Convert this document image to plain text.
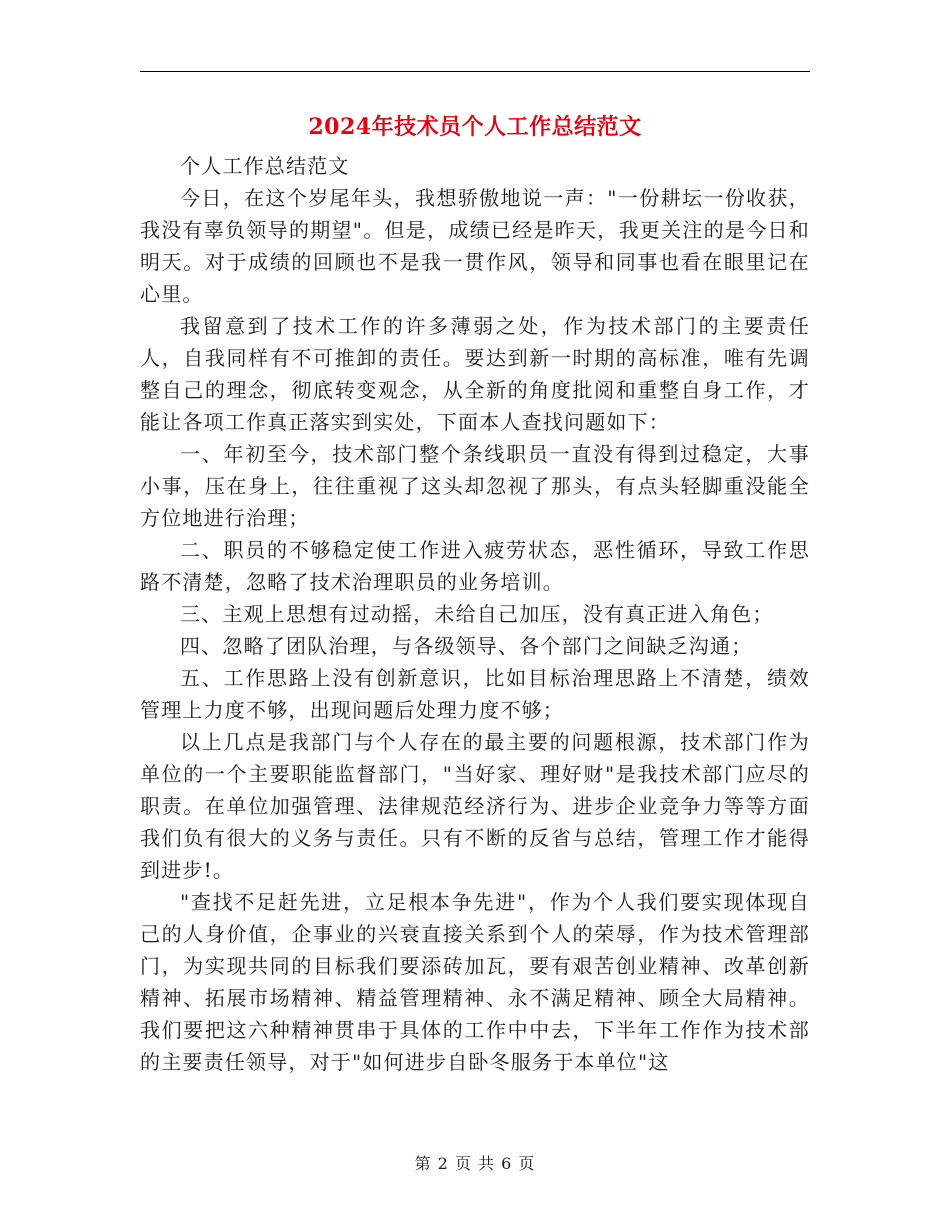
2024年技术员个人工作总结范文

个人工作总结范文

今日，在这个岁尾年头，我想骄傲地说一声："一份耕坛一份收获，我没有辜负领导的期望"。但是，成绩已经是昨天，我更关注的是今日和明天。对于成绩的回顾也不是我一贯作风，领导和同事也看在眼里记在心里。

我留意到了技术工作的许多薄弱之处，作为技术部门的主要责任人，自我同样有不可推卸的责任。要达到新一时期的高标准，唯有先调整自己的理念，彻底转变观念，从全新的角度批阅和重整自身工作，才能让各项工作真正落实到实处，下面本人查找问题如下：

一、年初至今，技术部门整个条线职员一直没有得到过稳定，大事小事，压在身上，往往重视了这头却忽视了那头，有点头轻脚重没能全方位地进行治理；

二、职员的不够稳定使工作进入疲劳状态，恶性循环，导致工作思路不清楚，忽略了技术治理职员的业务培训。

三、主观上思想有过动摇，未给自己加压，没有真正进入角色；

四、忽略了团队治理，与各级领导、各个部门之间缺乏沟通；

五、工作思路上没有创新意识，比如目标治理思路上不清楚，绩效管理上力度不够，出现问题后处理力度不够；

以上几点是我部门与个人存在的最主要的问题根源，技术部门作为单位的一个主要职能监督部门，"当好家、理好财"是我技术部门应尽的职责。在单位加强管理、法律规范经济行为、进步企业竞争力等等方面我们负有很大的义务与责任。只有不断的反省与总结，管理工作才能得到进步!。

"查找不足赶先进，立足根本争先进"，作为个人我们要实现体现自己的人身价值，企事业的兴衰直接关系到个人的荣辱，作为技术管理部门，为实现共同的目标我们要添砖加瓦，要有艰苦创业精神、改革创新精神、拓展市场精神、精益管理精神、永不满足精神、顾全大局精神。我们要把这六种精神贯串于具体的工作中中去，下半年工作作为技术部的主要责任领导，对于"如何进步自卧冬服务于本单位"这

第 2 页 共 6 页
